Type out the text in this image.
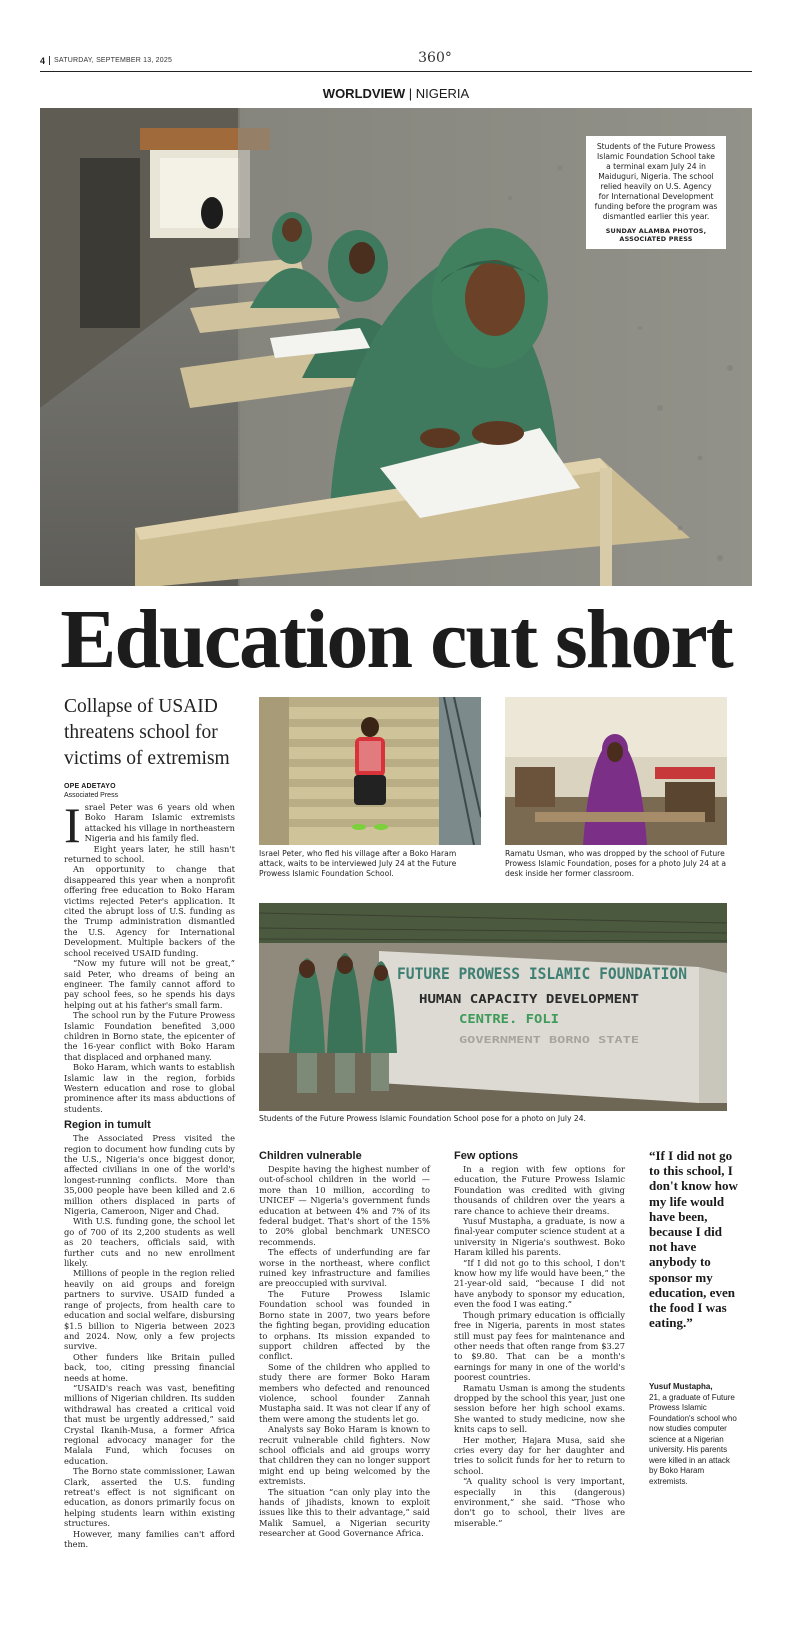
4 SATURDAY, SEPTEMBER 13, 2025	360°
WORLDVIEW | NIGERIA
Students of the Future Prowess Islamic Foundation School take a terminal exam July 24 in Maiduguri, Nigeria. The school relied heavily on U.S. Agency for International Development funding before the program was dismantled earlier this year.
SUNDAY ALAMBA PHOTOS,
ASSOCIATED PRESS
Education cut short
Collapse of USAID threatens school for victims of extremism
OPE ADETAYO
Associated Press

Israel Peter was 6 years old when Boko Haram Islamic extremists attacked his village in northeastern Nigeria and his family fled.

Eight years later, he still hasn't returned to school.

An opportunity to change that disappeared this year when a nonprofit offering free education to Boko Haram victims rejected Peter's application. It cited the abrupt loss of U.S. funding as the Trump administration dismantled the U.S. Agency for International Development. Multiple backers of the school received USAID funding.

“Now my future will not be great,” said Peter, who dreams of being an engineer. The family cannot afford to pay school fees, so he spends his days helping out at his father's small farm.

The school run by the Future Prowess Islamic Foundation benefited 3,000 children in Borno state, the epicenter of the 16-year conflict with Boko Haram that displaced and orphaned many.

Boko Haram, which wants to establish Islamic law in the region, forbids Western education and rose to global prominence after its mass abductions of students.

Region in tumult

The Associated Press visited the region to document how funding cuts by the U.S., Nigeria's once biggest donor, affected civilians in one of the world's longest-running conflicts. More than 35,000 people have been killed and 2.6 million others displaced in parts of Nigeria, Cameroon, Niger and Chad.

With U.S. funding gone, the school let go of 700 of its 2,200 students as well as 20 teachers, officials said, with further cuts and no new enrollment likely.

Millions of people in the region relied heavily on aid groups and foreign partners to survive. USAID funded a range of projects, from health care to education and social welfare, disbursing $1.5 billion to Nigeria between 2023 and 2024. Now, only a few projects survive.

Other funders like Britain pulled back, too, citing pressing financial needs at home.

“USAID's reach was vast, benefiting millions of Nigerian children. Its sudden withdrawal has created a critical void that must be urgently addressed,” said Crystal Ikanih-Musa, a former Africa regional advocacy manager for the Malala Fund, which focuses on education.

The Borno state commissioner, Lawan Clark, asserted the U.S. funding retreat's effect is not significant on education, as donors primarily focus on helping students learn within existing structures.

However, many families can't afford them.

Israel Peter, who fled his village after a Boko Haram attack, waits to be interviewed July 24 at the Future Prowess Islamic Foundation School.
Ramatu Usman, who was dropped by the school of Future Prowess Islamic Foundation, poses for a photo July 24 at a desk inside her former classroom.
FUTURE PROWESS ISLAMIC FOUNDATION
HUMAN CAPACITY DEVELOPMENT
CENTRE. FOLI
GOVERNMENT BORNO STATE
Students of the Future Prowess Islamic Foundation School pose for a photo on July 24.
Children vulnerable

Despite having the highest number of out-of-school children in the world — more than 10 million, according to UNICEF — Nigeria's government funds education at between 4% and 7% of its federal budget. That's short of the 15% to 20% global benchmark UNESCO recommends.

The effects of underfunding are far worse in the northeast, where conflict ruined key infrastructure and families are preoccupied with survival.

The Future Prowess Islamic Foundation school was founded in Borno state in 2007, two years before the fighting began, providing education to orphans. Its mission expanded to support children affected by the conflict.

Some of the children who applied to study there are former Boko Haram members who defected and renounced violence, school founder Zannah Mustapha said. It was not clear if any of them were among the students let go.

Analysts say Boko Haram is known to recruit vulnerable child fighters. Now school officials and aid groups worry that children they can no longer support might end up being welcomed by the extremists.

The situation “can only play into the hands of jihadists, known to exploit issues like this to their advantage,” said Malik Samuel, a Nigerian security researcher at Good Governance Africa.

Few options

In a region with few options for education, the Future Prowess Islamic Foundation was credited with giving thousands of children over the years a rare chance to achieve their dreams.

Yusuf Mustapha, a graduate, is now a final-year computer science student at a university in Nigeria's southwest. Boko Haram killed his parents.

“If I did not go to this school, I don't know how my life would have been,” the 21-year-old said, “because I did not have anybody to sponsor my education, even the food I was eating.”

Though primary education is officially free in Nigeria, parents in most states still must pay fees for maintenance and other needs that often range from $3.27 to $9.80. That can be a month's earnings for many in one of the world's poorest countries.

Ramatu Usman is among the students dropped by the school this year, just one session before her high school exams. She wanted to study medicine, now she knits caps to sell.

Her mother, Hajara Musa, said she cries every day for her daughter and tries to solicit funds for her to return to school.

“A quality school is very important, especially in this (dangerous) environment,” she said. “Those who don't go to school, their lives are miserable.”

“If I did not go to this school, I don't know how my life would have been, because I did not have anybody to sponsor my education, even the food I was eating.”
Yusuf Mustapha,
21, a graduate of Future Prowess Islamic Foundation's school who now studies computer science at a Nigerian university. His parents were killed in an attack by Boko Haram extremists.
